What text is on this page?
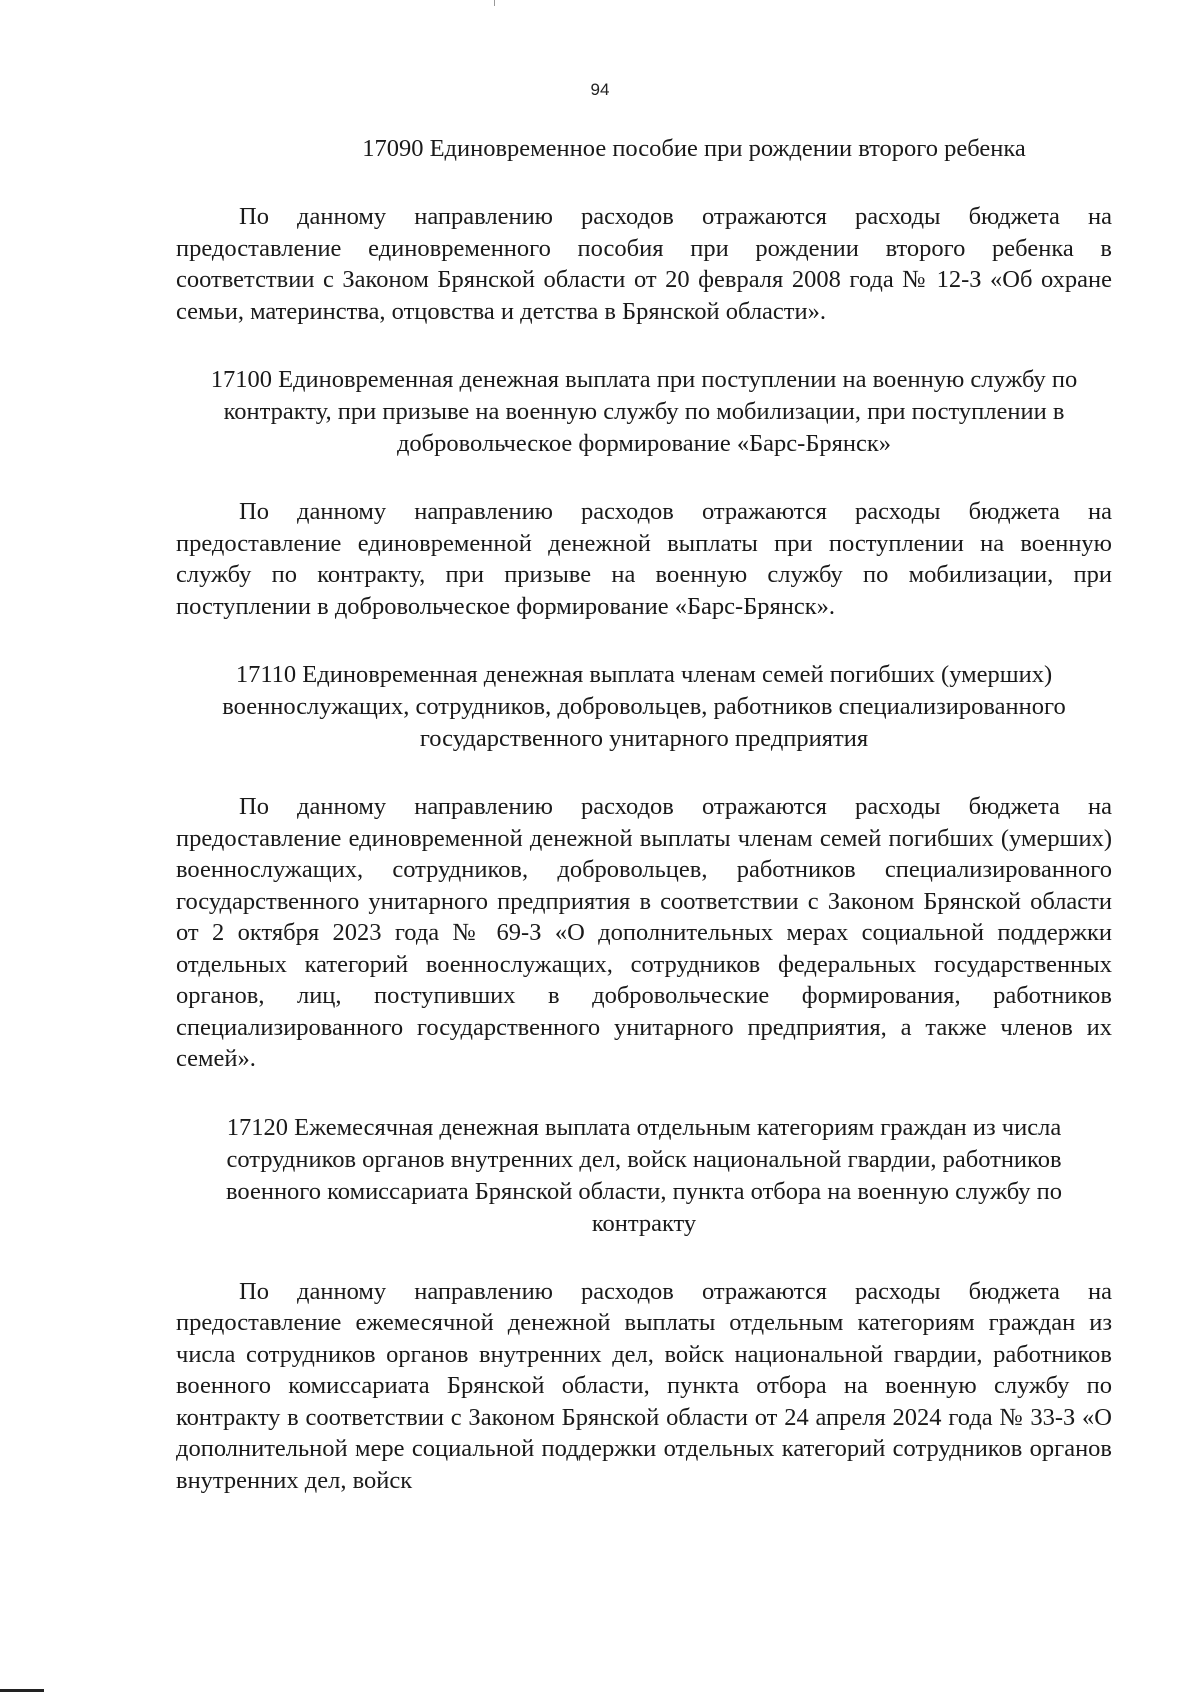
94

17090 Единовременное пособие при рождении второго ребенка

По данному направлению расходов отражаются расходы бюджета на предоставление единовременного пособия при рождении второго ребенка в соответствии с Законом Брянской области от 20 февраля 2008 года № 12-З «Об охране семьи, материнства, отцовства и детства в Брянской области».

17100 Единовременная денежная выплата при поступлении на военную службу по контракту, при призыве на военную службу по мобилизации, при поступлении в добровольческое формирование «Барс-Брянск»

По данному направлению расходов отражаются расходы бюджета на предоставление единовременной денежной выплаты при поступлении на военную службу по контракту, при призыве на военную службу по мобилизации, при поступлении в добровольческое формирование «Барс-Брянск».

17110 Единовременная денежная выплата членам семей погибших (умерших) военнослужащих, сотрудников, добровольцев, работников специализированного государственного унитарного предприятия

По данному направлению расходов отражаются расходы бюджета на предоставление единовременной денежной выплаты членам семей погибших (умерших) военнослужащих, сотрудников, добровольцев, работников специализированного государственного унитарного предприятия в соответствии с Законом Брянской области от 2 октября 2023 года № 69-З «О дополнительных мерах социальной поддержки отдельных категорий военнослужащих, сотрудников федеральных государственных органов, лиц, поступивших в добровольческие формирования, работников специализированного государственного унитарного предприятия, а также членов их семей».

17120 Ежемесячная денежная выплата отдельным категориям граждан из числа сотрудников органов внутренних дел, войск национальной гвардии, работников военного комиссариата Брянской области, пункта отбора на военную службу по контракту

По данному направлению расходов отражаются расходы бюджета на предоставление ежемесячной денежной выплаты отдельным категориям граждан из числа сотрудников органов внутренних дел, войск национальной гвардии, работников военного комиссариата Брянской области, пункта отбора на военную службу по контракту в соответствии с Законом Брянской области от 24 апреля 2024 года № 33-З «О дополнительной мере социальной поддержки отдельных категорий сотрудников органов внутренних дел, войск
